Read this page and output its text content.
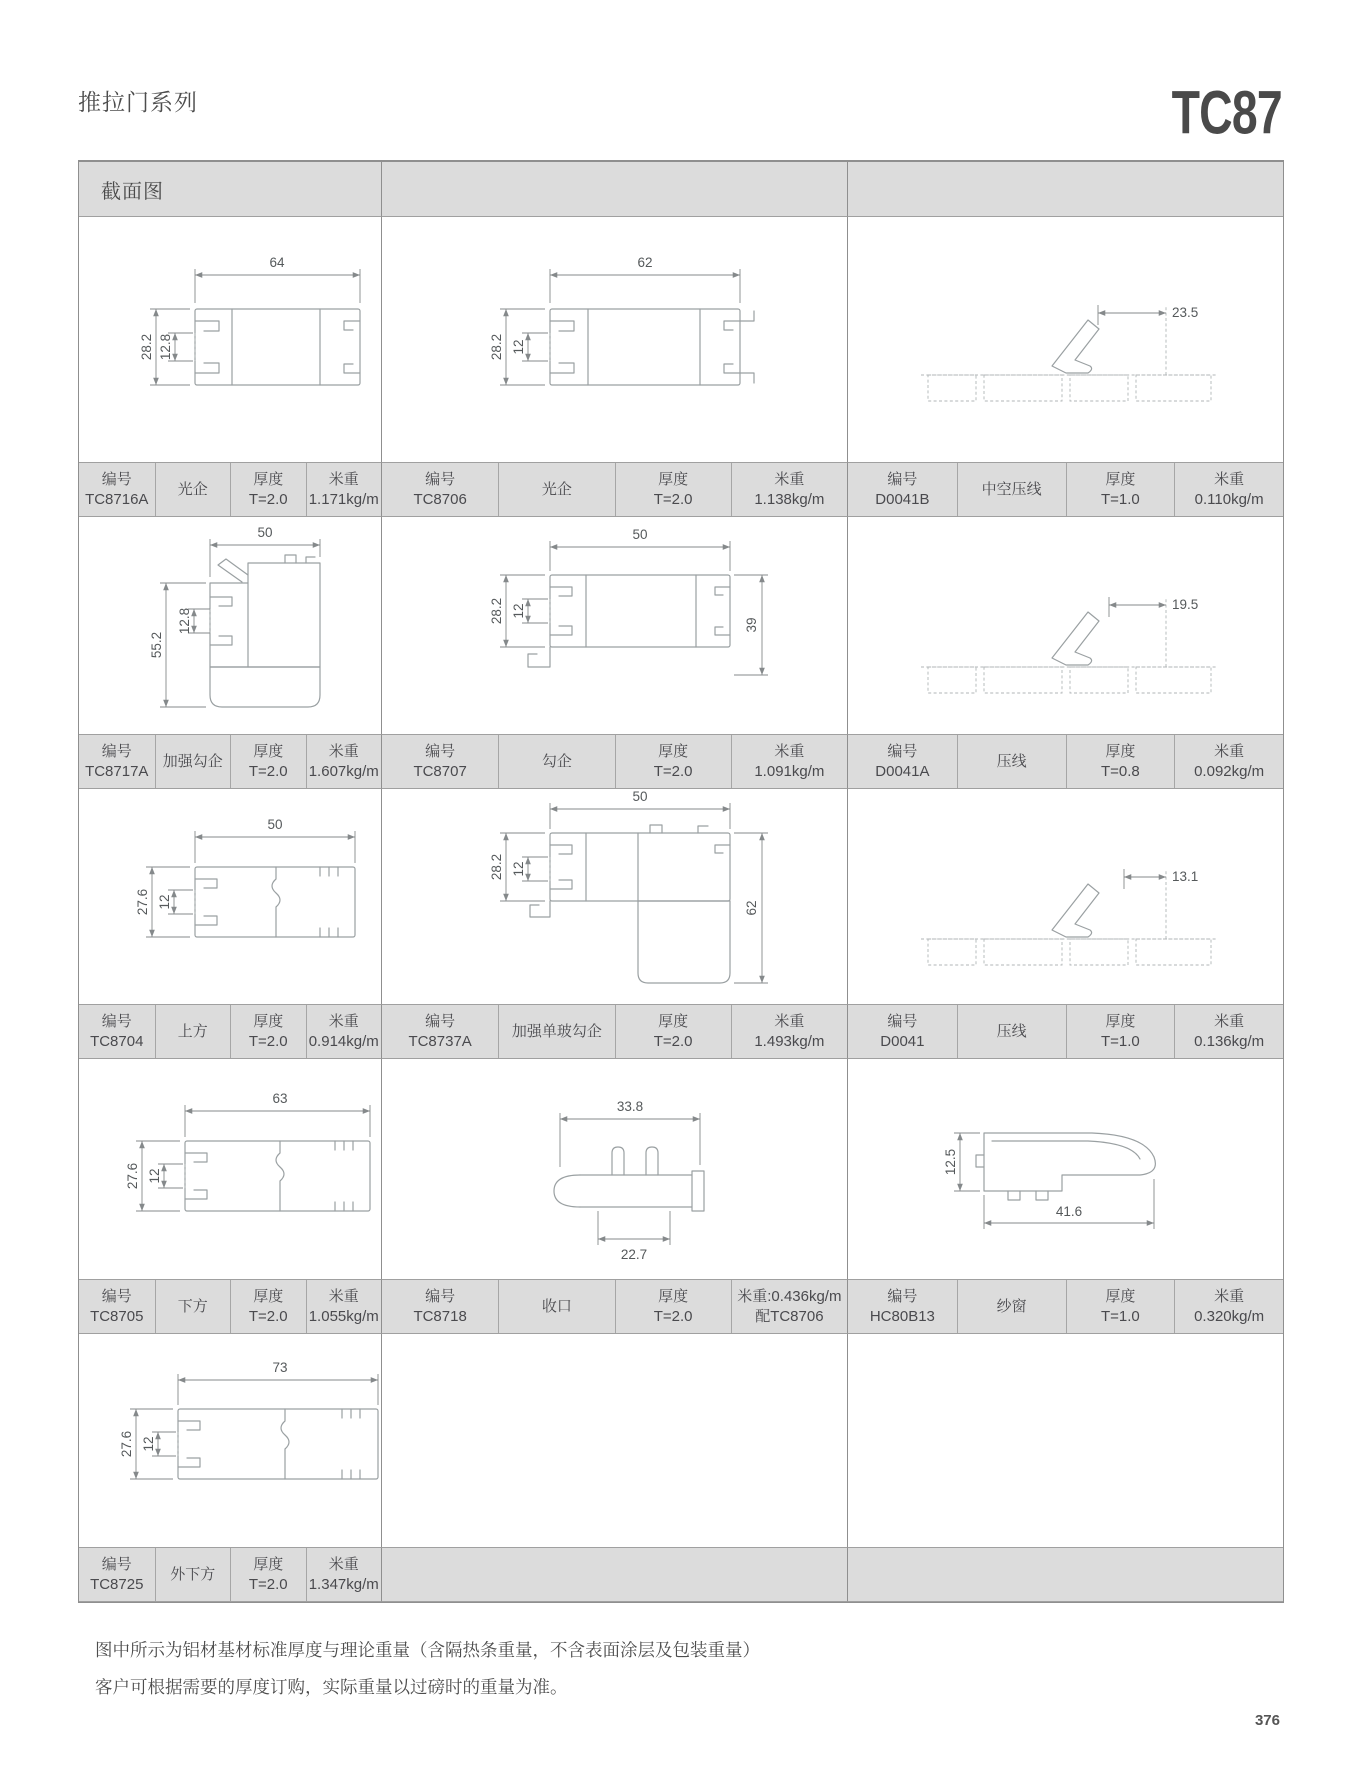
推拉门系列	TC87
截面图
64
28.2 12.8
62
28.2 12
23.5
编号
TC8716A
光企
厚度
T=2.0
米重
1.171kg/m
编号
TC8706
光企
厚度
T=2.0
米重
1.138kg/m
编号
D0041B
中空压线
厚度
T=1.0
米重
0.110kg/m
50
55.2
12.8
50
28.2 12
39
19.5
编号
TC8717A
加强勾企
厚度
T=2.0
米重
1.607kg/m
编号
TC8707
勾企
厚度
T=2.0
米重
1.091kg/m
编号
D0041A
压线
厚度
T=0.8
米重
0.092kg/m
50
27.6 12
50
28.2 12
62
13.1
编号
TC8704
上方
厚度
T=2.0
米重
0.914kg/m
编号
TC8737A
加强单玻勾企
厚度
T=2.0
米重
1.493kg/m
编号
D0041
压线
厚度
T=1.0
米重
0.136kg/m
63
27.6 12
33.8
22.7
12.5
41.6
编号
TC8705
下方
厚度
T=2.0
米重
1.055kg/m
编号
TC8718
收口
厚度
T=2.0
米重:0.436kg/m
配TC8706
编号
HC80B13
纱窗
厚度
T=1.0
米重
0.320kg/m
73
27.6 12
编号
TC8725
外下方
厚度
T=2.0
米重
1.347kg/m
图中所示为铝材基材标准厚度与理论重量（含隔热条重量，不含表面涂层及包装重量）
客户可根据需要的厚度订购，实际重量以过磅时的重量为准。
376
